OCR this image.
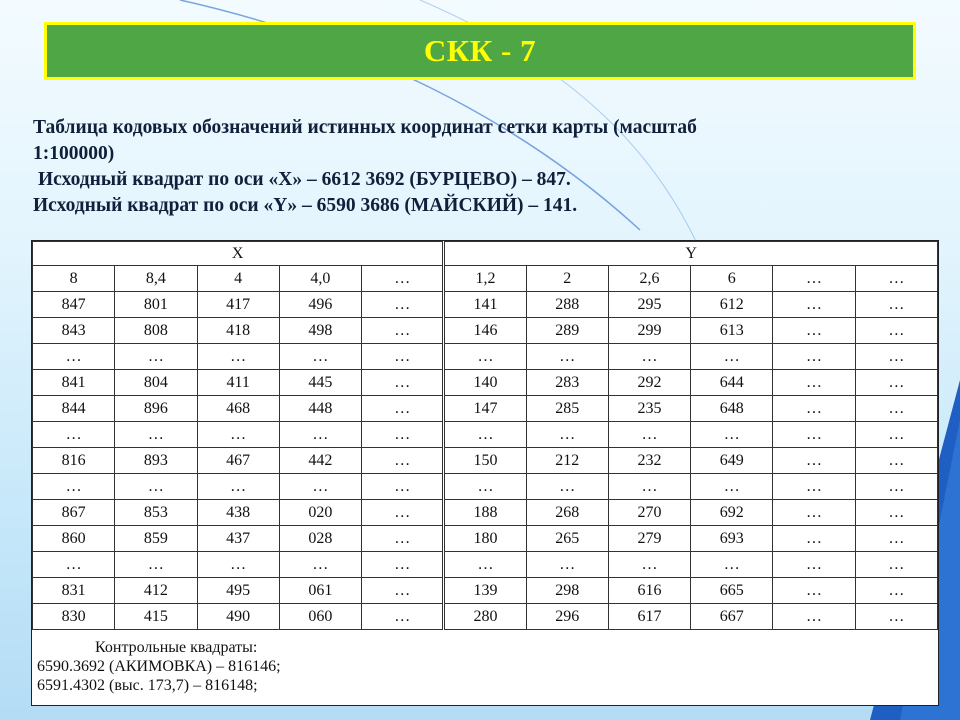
СКК - 7

Таблица кодовых обозначений истинных координат сетки карты (масштаб

1:100000)

Исходный квадрат по оси «Х» – 6612 3692 (БУРЦЕВО) – 847.

Исходный квадрат по оси «Y» – 6590 3686 (МАЙСКИЙ) – 141.

X					Y					
8	8,4	4	4,0	…	1,2	2	2,6	6	…	…
847	801	417	496	…	141	288	295	612	…	…
843	808	418	498	…	146	289	299	613	…	…
…	…	…	…	…	…	…	…	…	…	…
841	804	411	445	…	140	283	292	644	…	…
844	896	468	448	…	147	285	235	648	…	…
…	…	…	…	…	…	…	…	…	…	…
816	893	467	442	…	150	212	232	649	…	…
…	…	…	…	…	…	…	…	…	…	…
867	853	438	020	…	188	268	270	692	…	…
860	859	437	028	…	180	265	279	693	…	…
…	…	…	…	…	…	…	…	…	…	…
831	412	495	061	…	139	298	616	665	…	…
830	415	490	060	…	280	296	617	667	…	…

Контрольные квадраты:

6590.3692 (АКИМОВКА) – 816146;

6591.4302 (выс. 173,7) – 816148;
